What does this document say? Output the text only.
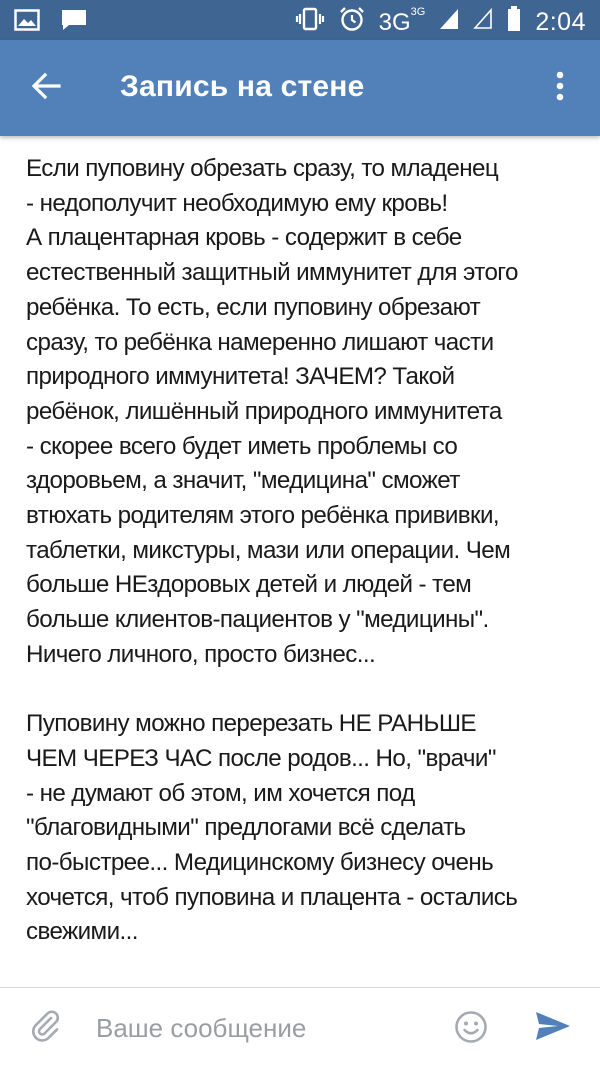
$3G^{3G}$	2:04
Запись на стене
Если пуповину обрезать сразу, то младенец
- недополучит необходимую ему кровь!
А плацентарная кровь - содержит в себе
естественный защитный иммунитет для этого
ребёнка. То есть, если пуповину обрезают
сразу, то ребёнка намеренно лишают части
природного иммунитета! ЗАЧЕМ? Такой
ребёнок, лишённый природного иммунитета
- скорее всего будет иметь проблемы со
здоровьем, а значит, "медицина" сможет
втюхать родителям этого ребёнка прививки,
таблетки, микстуры, мази или операции. Чем
больше НЕздоровых детей и людей - тем
больше клиентов-пациентов у "медицины".
Ничего личного, просто бизнес...
Пуповину можно перерезать НЕ РАНЬШЕ
ЧЕМ ЧЕРЕЗ ЧАС после родов... Но, "врачи"
- не думают об этом, им хочется под
"благовидными" предлогами всё сделать
по-быстрее... Медицинскому бизнесу очень
хочется, чтоб пуповина и плацента - остались
свежими...
Ваше сообщение
